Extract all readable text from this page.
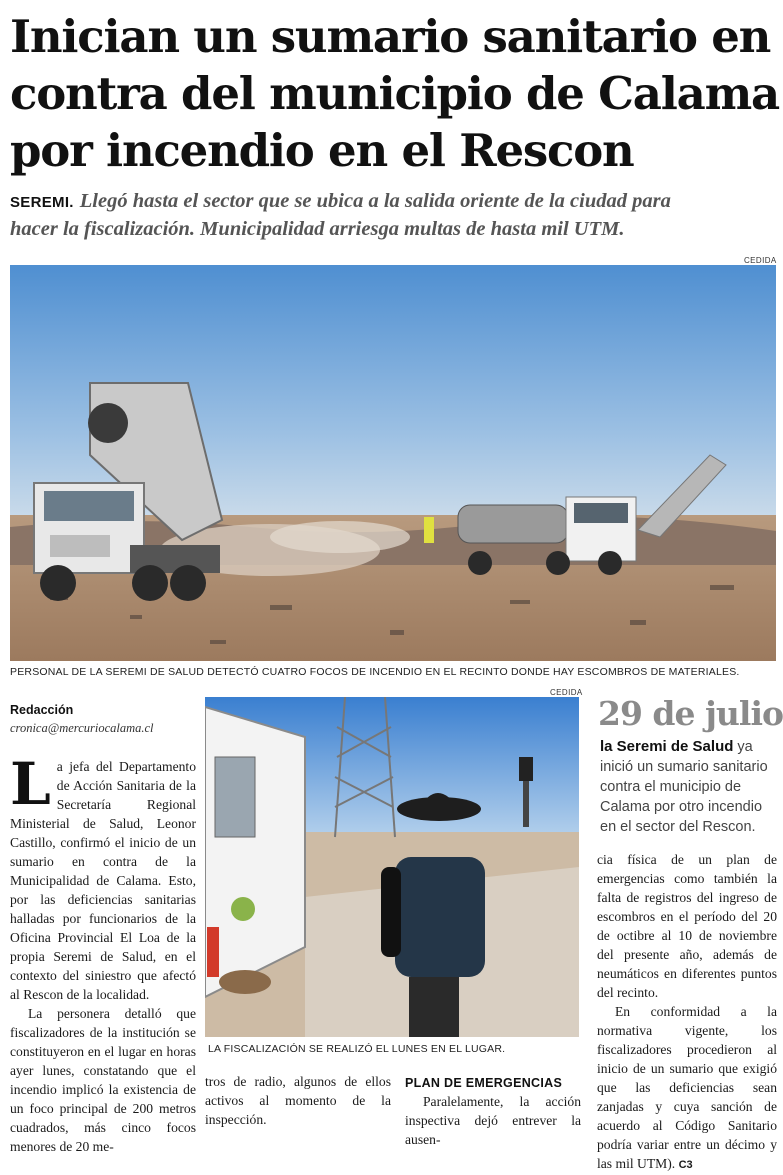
Inician un sumario sanitario en
contra del municipio de Calama
por incendio en el Rescon
SEREMI. Llegó hasta el sector que se ubica a la salida oriente de la ciudad para
hacer la fiscalización. Municipalidad arriesga multas de hasta mil UTM.
CEDIDA
PERSONAL DE LA SEREMI DE SALUD DETECTÓ CUATRO FOCOS DE INCENDIO EN EL RECINTO DONDE HAY ESCOMBROS DE MATERIALES.
Redacción
cronica@mercuriocalama.cl
L a jefa del Departamento de Acción Sanitaria de la Secretaría Regional Ministerial de Salud, Leonor Castillo, confirmó el inicio de un sumario en contra de la Municipalidad de Calama. Esto, por las deficiencias sanitarias halladas por funcionarios de la Oficina Provincial El Loa de la propia Seremi de Salud, en el contexto del siniestro que afectó al Rescon de la localidad.

La personera detalló que fiscalizadores de la institución se constituyeron en el lugar en horas ayer lunes, constatando que el incendio implicó la existencia de un foco principal de 200 metros cuadrados, más cinco focos menores de 20 me-

CEDIDA
LA FISCALIZACIÓN SE REALIZÓ EL LUNES EN EL LUGAR.

tros de radio, algunos de ellos activos al momento de la inspección.

PLAN DE EMERGENCIAS

Paralelamente, la acción inspectiva dejó entrever la ausen-

29 de julio
la Seremi de Salud ya inició un sumario sanitario contra el municipio de Calama por otro incendio en el sector del Rescon.

cia física de un plan de emergencias como también la falta de registros del ingreso de escombros en el período del 20 de octibre al 10 de noviembre del presente año, además de neumáticos en diferentes puntos del recinto.

En conformidad a la normativa vigente, los fiscalizadores procedieron al inicio de un sumario que exigió que las deficiencias sean zanjadas y cuya sanción de acuerdo al Código Sanitario podría variar entre un décimo y las mil UTM). C3
